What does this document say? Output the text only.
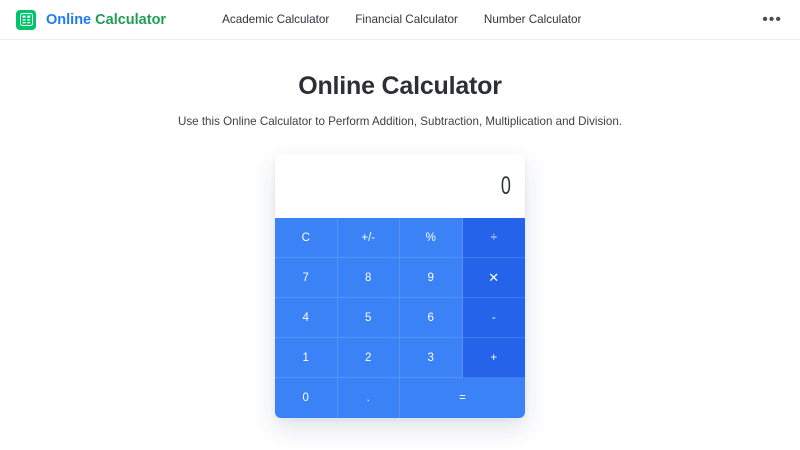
Online Calculator	Academic Calculator Financial Calculator Number Calculator	•••
Online Calculator
Use this Online Calculator to Perform Addition, Subtraction, Multiplication and Division.
0
C	+/-	%	÷
7	8	9	✕
4	5	6	-
1	2	3	+
0	.	=
